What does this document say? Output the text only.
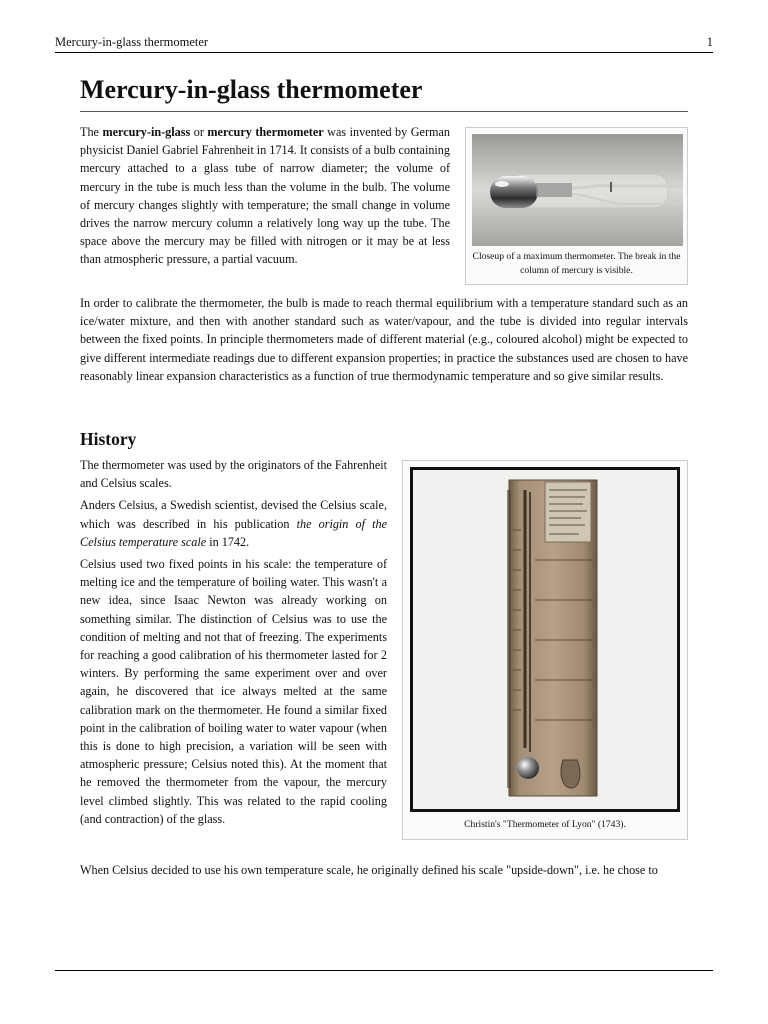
Mercury-in-glass thermometer	1
Mercury-in-glass thermometer

The mercury-in-glass or mercury thermometer was invented by German physicist Daniel Gabriel Fahrenheit in 1714. It consists of a bulb containing mercury attached to a glass tube of narrow diameter; the volume of mercury in the tube is much less than the volume in the bulb. The volume of mercury changes slightly with temperature; the small change in volume drives the narrow mercury column a relatively long way up the tube. The space above the mercury may be filled with nitrogen or it may be at less than atmospheric pressure, a partial vacuum.	Closeup of a maximum thermometer. The break in the column of mercury is visible.

In order to calibrate the thermometer, the bulb is made to reach thermal equilibrium with a temperature standard such as an ice/water mixture, and then with another standard such as water/vapour, and the tube is divided into regular intervals between the fixed points. In principle thermometers made of different material (e.g., coloured alcohol) might be expected to give different intermediate readings due to different expansion properties; in practice the substances used are chosen to have reasonably linear expansion characteristics as a function of true thermodynamic temperature and so give similar results.

History

The thermometer was used by the originators of the Fahrenheit and Celsius scales.

Anders Celsius, a Swedish scientist, devised the Celsius scale, which was described in his publication the origin of the Celsius temperature scale in 1742.

Celsius used two fixed points in his scale: the temperature of melting ice and the temperature of boiling water. This wasn't a new idea, since Isaac Newton was already working on something similar. The distinction of Celsius was to use the condition of melting and not that of freezing. The experiments for reaching a good calibration of his thermometer lasted for 2 winters. By performing the same experiment over and over again, he discovered that ice always melted at the same calibration mark on the thermometer. He found a similar fixed point in the calibration of boiling water to water vapour (when this is done to high precision, a variation will be seen with atmospheric pressure; Celsius noted this). At the moment that he removed the thermometer from the vapour, the mercury level climbed slightly. This was related to the rapid cooling (and contraction) of the glass.	Christin's "Thermometer of Lyon" (1743).

When Celsius decided to use his own temperature scale, he originally defined his scale "upside-down", i.e. he chose to
